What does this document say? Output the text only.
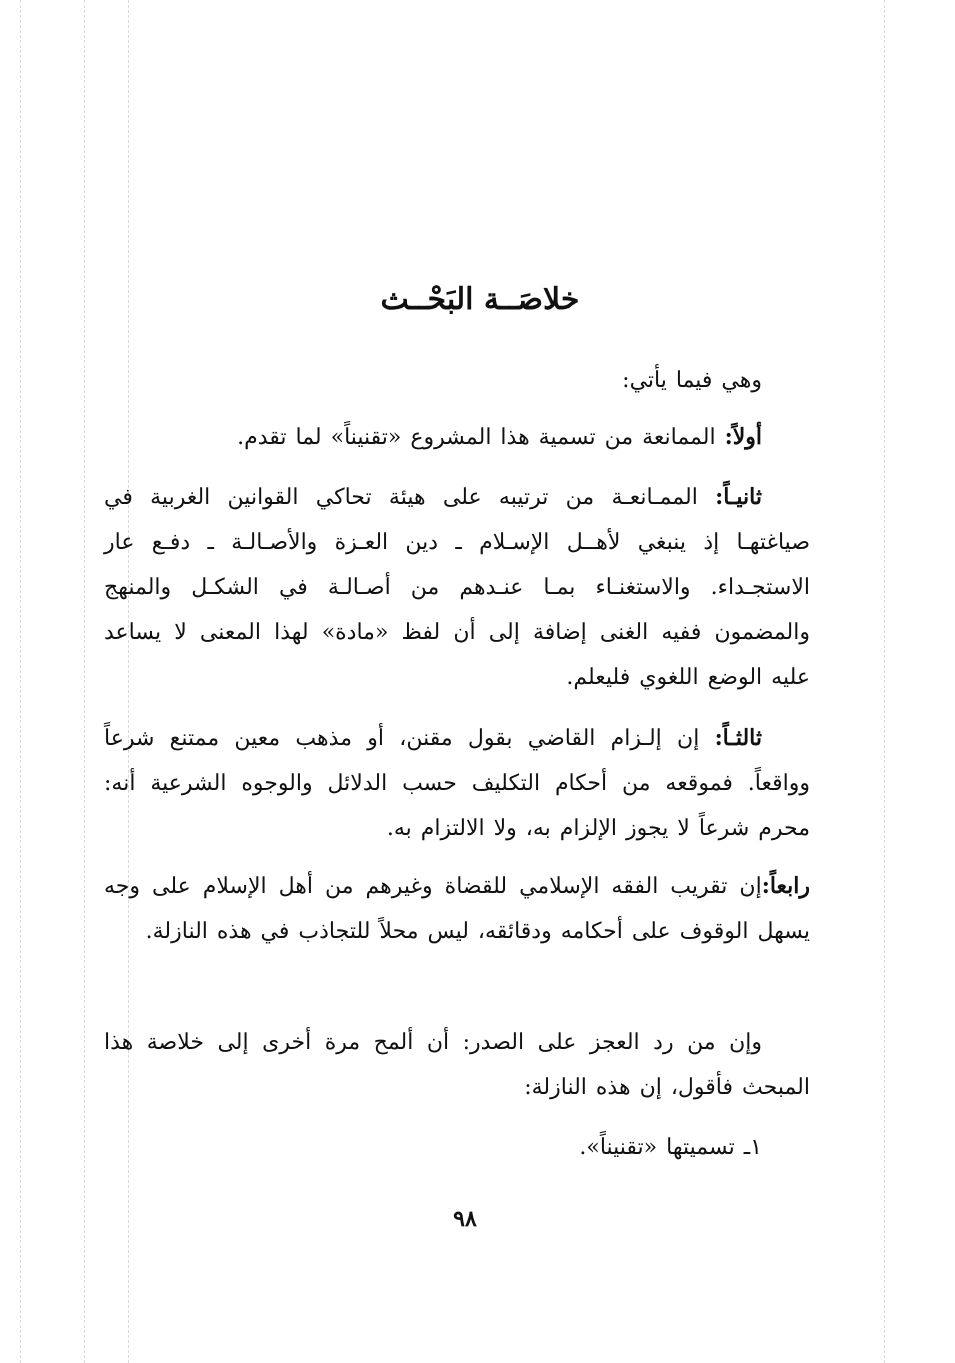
خلاصَــة البَحْــث
وهي فيما يأتي:
أولاً: الممانعة من تسمية هذا المشروع «تقنيناً» لما تقدم.
ثانيـاً: الممـانعـة من ترتيبه على هيئة تحاكي القوانين الغربية في صياغتهـا إذ ينبغي لأهــل الإسـلام ـ دين العـزة والأصـالـة ـ دفـع عار الاستجـداء. والاستغنـاء بمـا عنـدهم من أصـالـة في الشكـل والمنهج والمضمون ففيه الغنى إضافة إلى أن لفظ «مادة» لهذا المعنى لا يساعد عليه الوضع اللغوي فليعلم.
ثالثـاً: إن إلـزام القاضي بقول مقنن، أو مذهب معين ممتنع شرعاً وواقعاً. فموقعه من أحكام التكليف حسب الدلائل والوجوه الشرعية أنه: محرم شرعاً لا يجوز الإلزام به، ولا الالتزام به.
رابعاً:إن تقريب الفقه الإسلامي للقضاة وغيرهم من أهل الإسلام على وجه يسهل الوقوف على أحكامه ودقائقه، ليس محلاً للتجاذب في هذه النازلة.
وإن من رد العجز على الصدر: أن ألمح مرة أخرى إلى خلاصة هذا المبحث فأقول، إن هذه النازلة:
١ـ تسميتها «تقنيناً».
٩٨
